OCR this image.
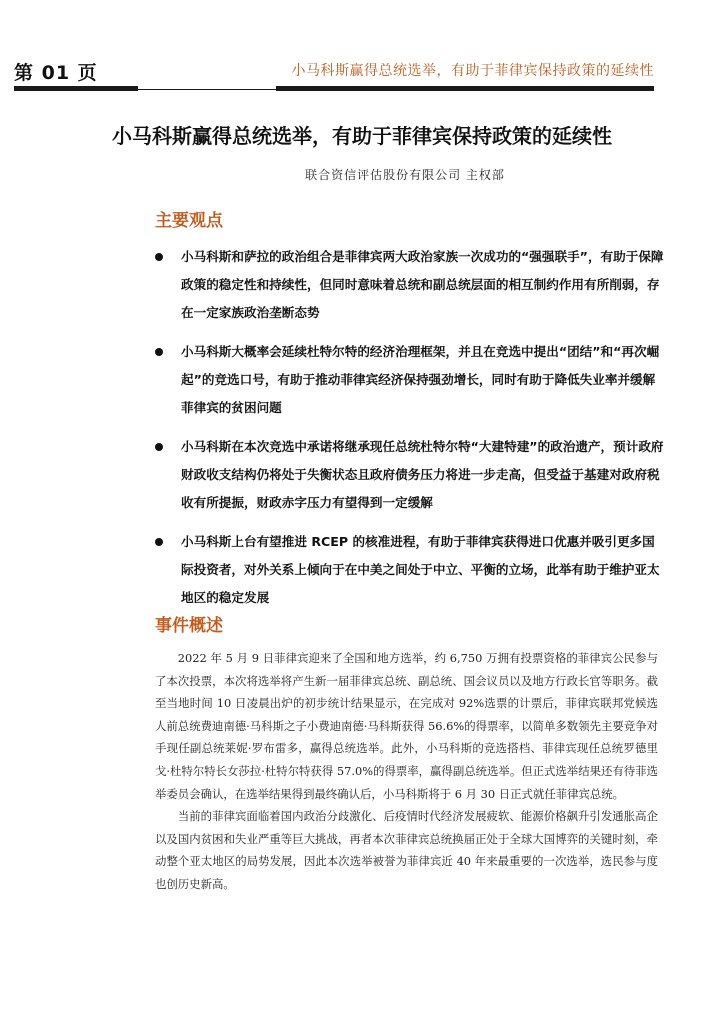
第 01 页	小马科斯赢得总统选举，有助于菲律宾保持政策的延续性
小马科斯赢得总统选举，有助于菲律宾保持政策的延续性
联合资信评估股份有限公司 主权部
主要观点
小马科斯和萨拉的政治组合是菲律宾两大政治家族一次成功的“强强联手”，有助于保障政策的稳定性和持续性，但同时意味着总统和副总统层面的相互制约作用有所削弱，存在一定家族政治垄断态势
小马科斯大概率会延续杜特尔特的经济治理框架，并且在竞选中提出“团结”和“再次崛起”的竞选口号，有助于推动菲律宾经济保持强劲增长，同时有助于降低失业率并缓解菲律宾的贫困问题
小马科斯在本次竞选中承诺将继承现任总统杜特尔特“大建特建”的政治遗产，预计政府财政收支结构仍将处于失衡状态且政府债务压力将进一步走高，但受益于基建对政府税收有所提振，财政赤字压力有望得到一定缓解
小马科斯上台有望推进 RCEP 的核准进程，有助于菲律宾获得进口优惠并吸引更多国际投资者，对外关系上倾向于在中美之间处于中立、平衡的立场，此举有助于维护亚太地区的稳定发展
事件概述

2022 年 5 月 9 日菲律宾迎来了全国和地方选举，约 6,750 万拥有投票资格的菲律宾公民参与了本次投票，本次将选举将产生新一届菲律宾总统、副总统、国会议员以及地方行政长官等职务。截至当地时间 10 日凌晨出炉的初步统计结果显示，在完成对 92%选票的计票后，菲律宾联邦党候选人前总统费迪南德·马科斯之子小费迪南德·马科斯获得 56.6%的得票率，以简单多数领先主要竞争对手现任副总统莱妮·罗布雷多，赢得总统选举。此外，小马科斯的竞选搭档、菲律宾现任总统罗德里戈·杜特尔特长女莎拉·杜特尔特获得 57.0%的得票率，赢得副总统选举。但正式选举结果还有待菲选举委员会确认，在选举结果得到最终确认后，小马科斯将于 6 月 30 日正式就任菲律宾总统。

当前的菲律宾面临着国内政治分歧激化、后疫情时代经济发展疲软、能源价格飙升引发通胀高企以及国内贫困和失业严重等巨大挑战，再者本次菲律宾总统换届正处于全球大国博弈的关键时刻，牵动整个亚太地区的局势发展，因此本次选举被誉为菲律宾近 40 年来最重要的一次选举，选民参与度也创历史新高。
